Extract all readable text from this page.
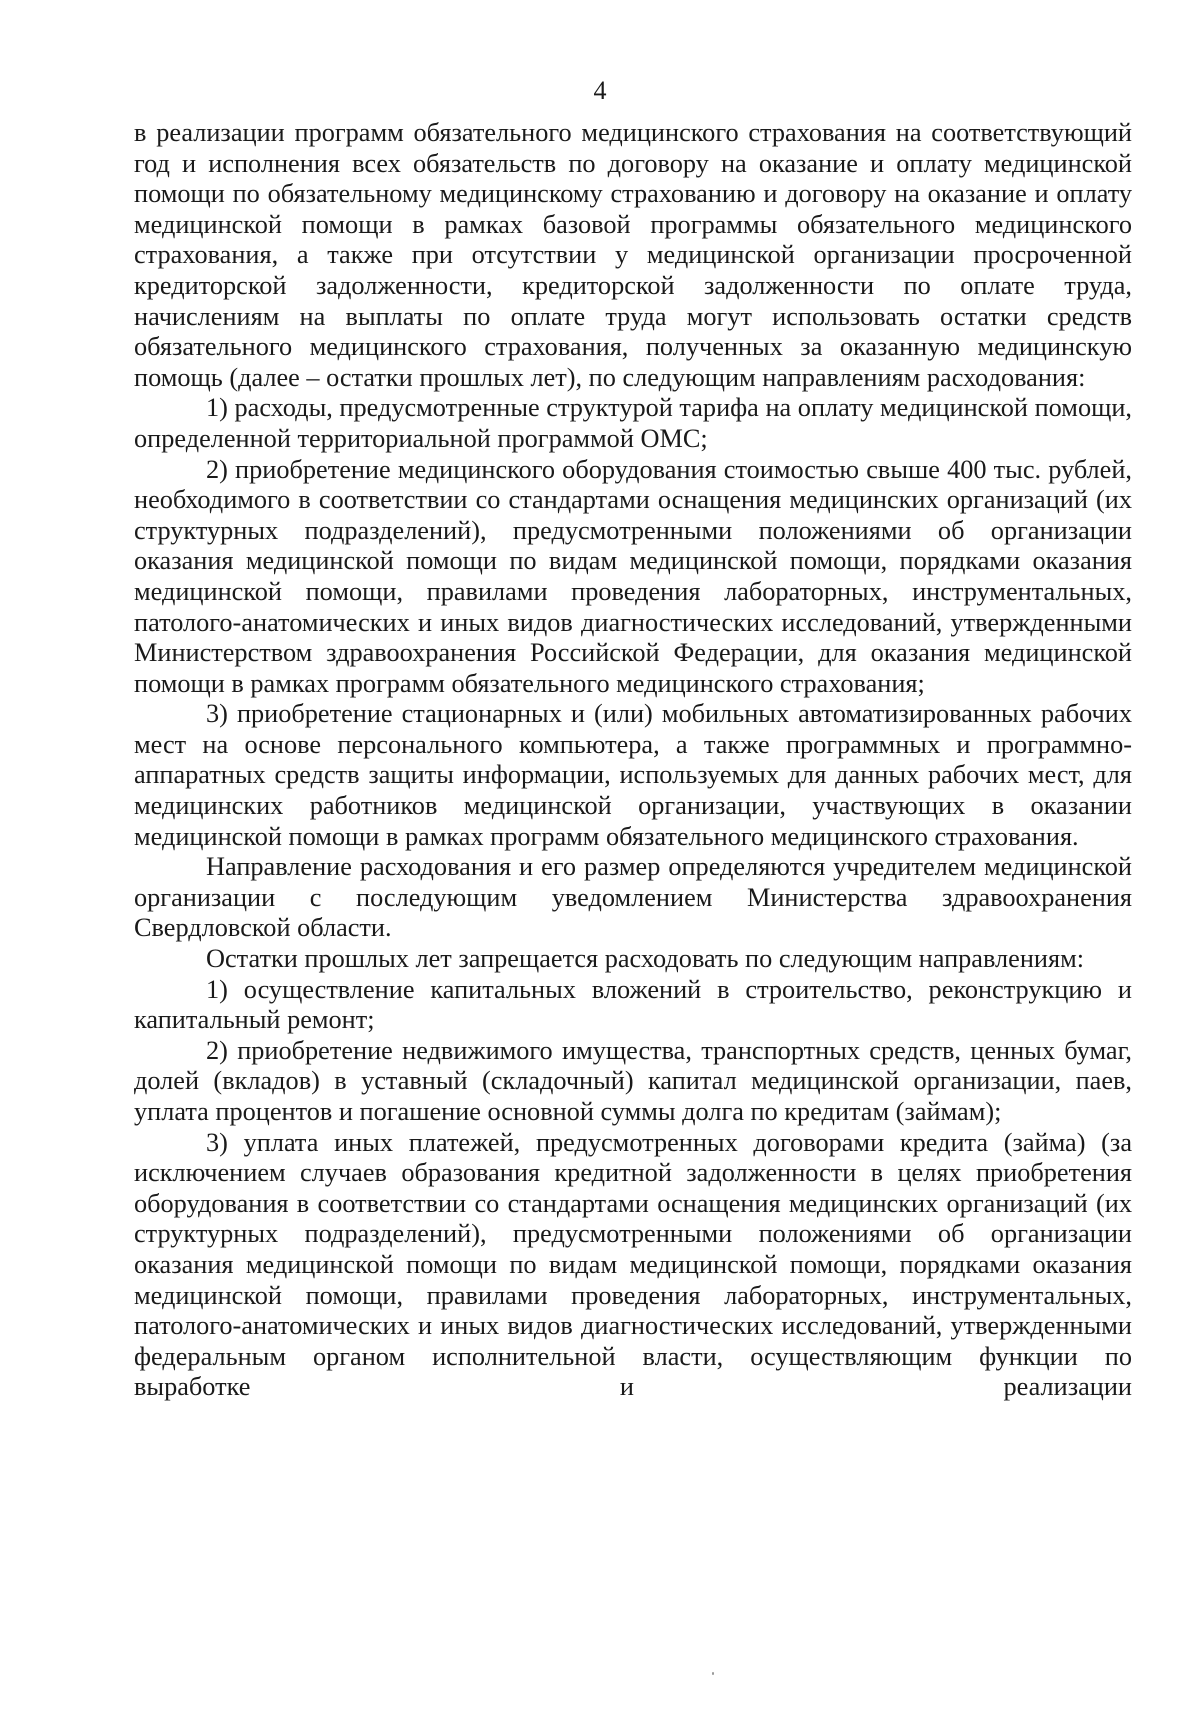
4

в реализации программ обязательного медицинского страхования на соответствующий год и исполнения всех обязательств по договору на оказание и оплату медицинской помощи по обязательному медицинскому страхованию и договору на оказание и оплату медицинской помощи в рамках базовой программы обязательного медицинского страхования, а также при отсутствии у медицинской организации просроченной кредиторской задолженности, кредиторской задолженности по оплате труда, начислениям на выплаты по оплате труда могут использовать остатки средств обязательного медицинского страхования, полученных за оказанную медицинскую помощь (далее – остатки прошлых лет), по следующим направлениям расходования:

1) расходы, предусмотренные структурой тарифа на оплату медицинской помощи, определенной территориальной программой ОМС;

2) приобретение медицинского оборудования стоимостью свыше 400 тыс. рублей, необходимого в соответствии со стандартами оснащения медицинских организаций (их структурных подразделений), предусмотренными положениями об организации оказания медицинской помощи по видам медицинской помощи, порядками оказания медицинской помощи, правилами проведения лабораторных, инструментальных, патолого-анатомических и иных видов диагностических исследований, утвержденными Министерством здравоохранения Российской Федерации, для оказания медицинской помощи в рамках программ обязательного медицинского страхования;

3) приобретение стационарных и (или) мобильных автоматизированных рабочих мест на основе персонального компьютера, а также программных и программно-аппаратных средств защиты информации, используемых для данных рабочих мест, для медицинских работников медицинской организации, участвующих в оказании медицинской помощи в рамках программ обязательного медицинского страхования.

Направление расходования и его размер определяются учредителем медицинской организации с последующим уведомлением Министерства здравоохранения Свердловской области.

Остатки прошлых лет запрещается расходовать по следующим направлениям:

1) осуществление капитальных вложений в строительство, реконструкцию и капитальный ремонт;

2) приобретение недвижимого имущества, транспортных средств, ценных бумаг, долей (вкладов) в уставный (складочный) капитал медицинской организации, паев, уплата процентов и погашение основной суммы долга по кредитам (займам);

3) уплата иных платежей, предусмотренных договорами кредита (займа) (за исключением случаев образования кредитной задолженности в целях приобретения оборудования в соответствии со стандартами оснащения медицинских организаций (их структурных подразделений), предусмотренными положениями об организации оказания медицинской помощи по видам медицинской помощи, порядками оказания медицинской помощи, правилами проведения лабораторных, инструментальных, патолого-анатомических и иных видов диагностических исследований, утвержденными федеральным органом исполнительной власти, осуществляющим функции по выработке и реализации
